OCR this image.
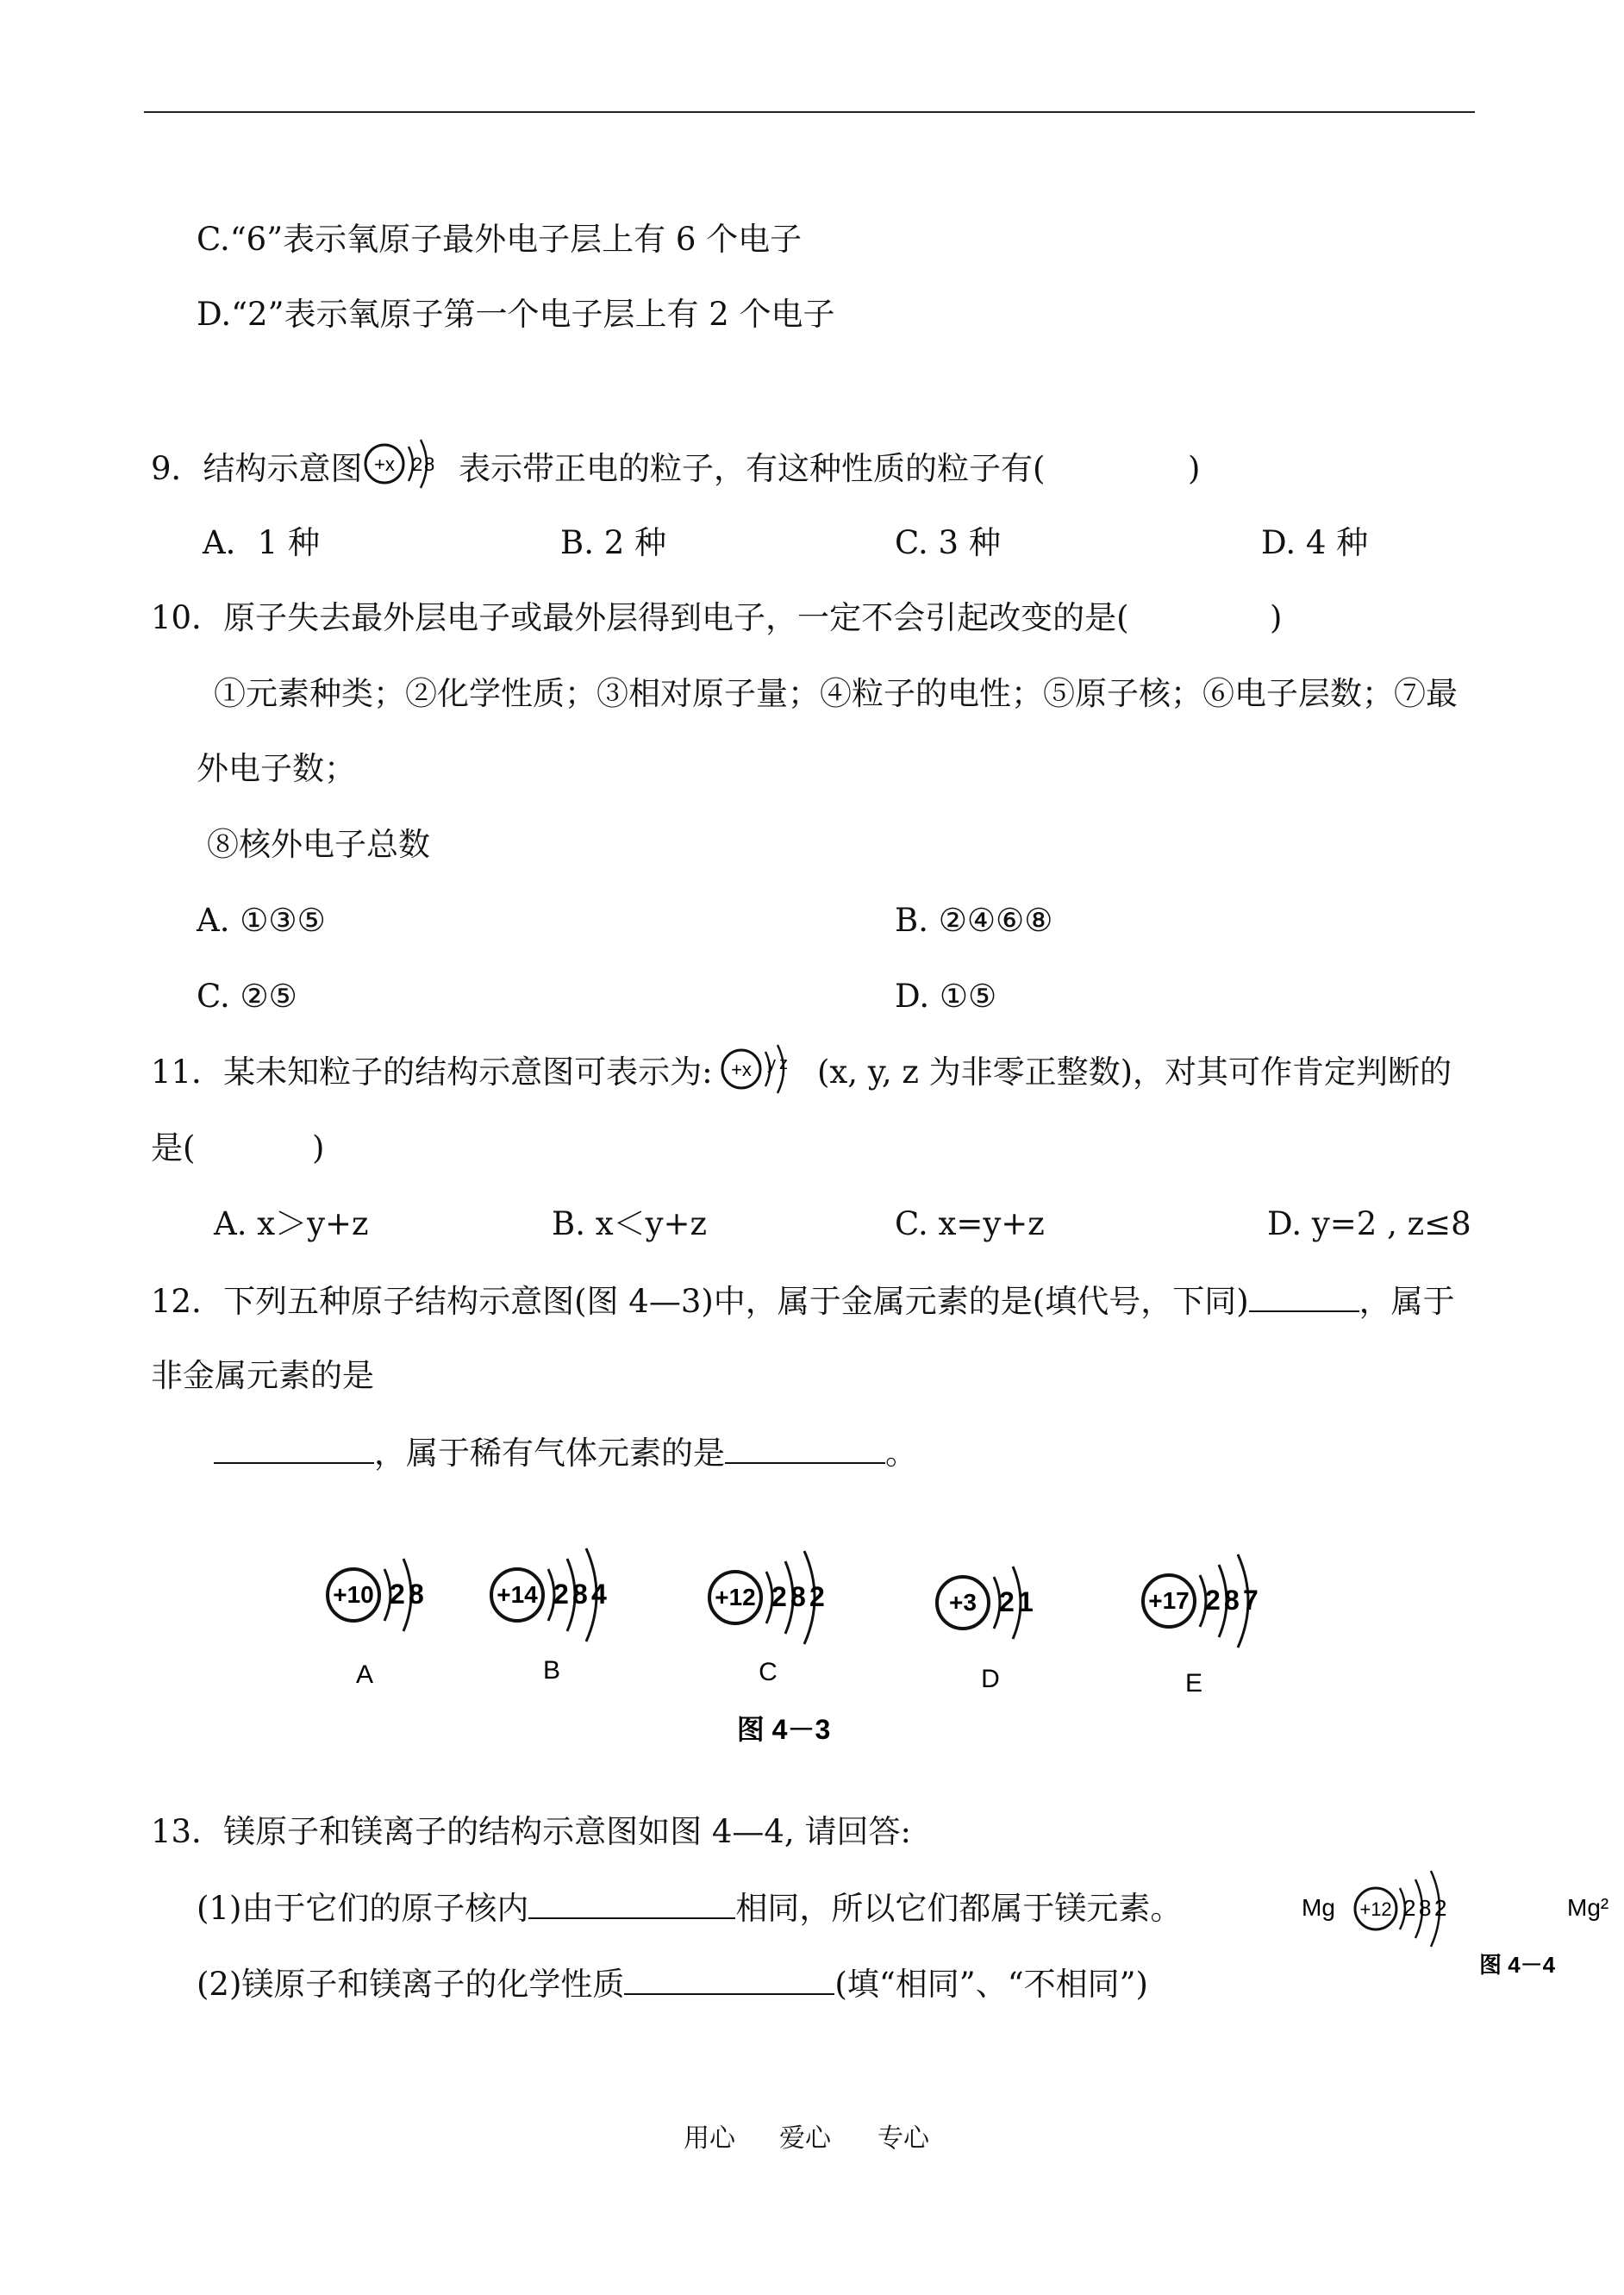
C.“6”表示氧原子最外电子层上有 6 个电子
D.“2”表示氧原子第一个电子层上有 2 个电子
9．结构示意图 +x 2 8 表示带正电的粒子，有这种性质的粒子有(	)
A．1 种	B. 2 种	C. 3 种	D. 4 种
10．原子失去最外层电子或最外层得到电子，一定不会引起改变的是(	)
①元素种类；②化学性质；③相对原子量；④粒子的电性；⑤原子核；⑥电子层数；⑦最
外电子数；
⑧核外电子总数
A. ①③⑤	B. ②④⑥⑧
C. ②⑤	D. ①⑤
11．某未知粒子的结构示意图可表示为: +x y z (x, y, z 为非零正整数)，对其可作肯定判断的
是(	)
A. x＞y+z	B. x＜y+z	C. x=y+z	D. y=2 , z≤8
12．下列五种原子结构示意图(图 4—3)中，属于金属元素的是(填代号，下同)	，属于
非金属元素的是
，属于稀有气体元素的是	。
+10 2 8	+14 2 8 4	+12 2 8 2	+3 2 1	+17 2 8 7
A	B	C	D	E
图 4－3
13．镁原子和镁离子的结构示意图如图 4—4, 请回答:
(1)由于它们的原子核内	相同，所以它们都属于镁元素。
(2)镁原子和镁离子的化学性质	(填“相同”、“不相同”)
Mg +12 2 8 2	Mg²
图 4－4
用心 爱心 专心
